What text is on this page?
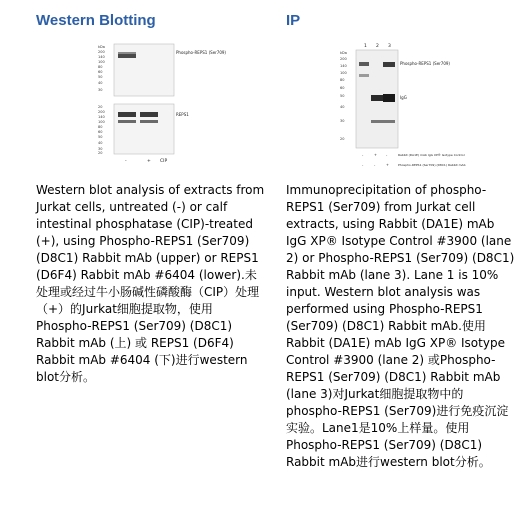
Western Blotting
kDa
200
140
100
80
60
50
40
30
20
200
140
100
80
60
50
40
30
20
Phospho-REPS1 (Ser709)
REPS1
-	+ CIP
Western blot analysis of extracts from Jurkat cells, untreated (-) or calf intestinal phosphatase (CIP)-treated (+), using Phospho-REPS1 (Ser709) (D8C1) Rabbit mAb (upper) or REPS1 (D6F4) Rabbit mAb #6404 (lower).未处理或经过牛小肠碱性磷酸酶（CIP）处理（+）的Jurkat细胞提取物，使用Phospho-REPS1 (Ser709) (D8C1) Rabbit mAb (上) 或 REPS1 (D6F4) Rabbit mAb #6404 (下)进行western blot分析。
IP
1 2 3
kDa
200
140
100
80
60
50
40
30
20
Phospho-REPS1 (Ser709)
IgG
-	+	-	Rabbit (DA1E) mAb IgG XP® Isotype Control
-	-	+	Phospho-REPS1 (Ser709) (D8C1) Rabbit mAb
Immunoprecipitation of phospho-REPS1 (Ser709) from Jurkat cell extracts, using Rabbit (DA1E) mAb IgG XP® Isotype Control #3900 (lane 2) or Phospho-REPS1 (Ser709) (D8C1) Rabbit mAb (lane 3). Lane 1 is 10% input. Western blot analysis was performed using Phospho-REPS1 (Ser709) (D8C1) Rabbit mAb.使用 Rabbit (DA1E) mAb IgG XP® Isotype Control #3900 (lane 2) 或Phospho-REPS1 (Ser709) (D8C1) Rabbit mAb (lane 3)对Jurkat细胞提取物中的phospho-REPS1 (Ser709)进行免疫沉淀实验。Lane1是10%上样量。使用Phospho-REPS1 (Ser709) (D8C1) Rabbit mAb进行western blot分析。
